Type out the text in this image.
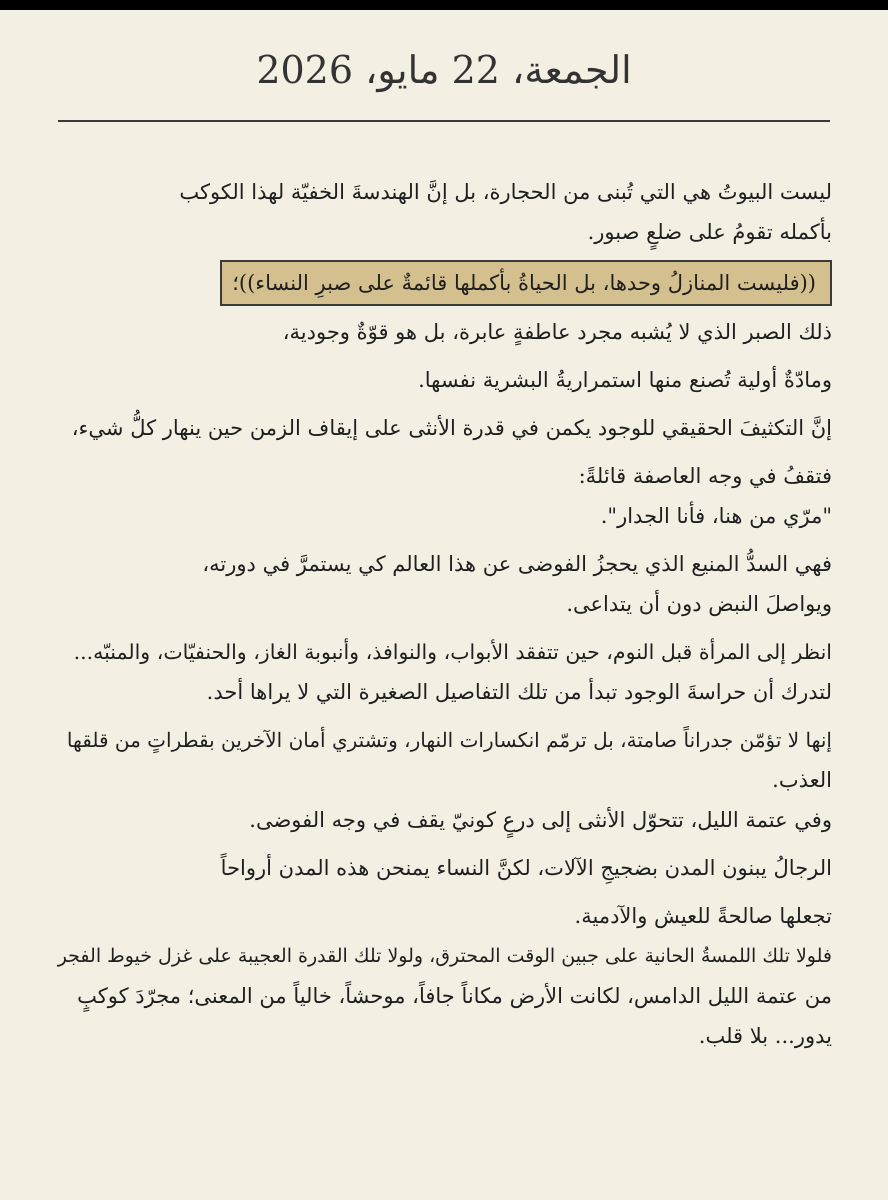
الجمعة، 22 مايو، 2026
ليست البيوتُ هي التي تُبنى من الحجارة، بل إنَّ الهندسةَ الخفيّة لهذا الكوكب
بأكمله تقومُ على ضلعٍ صبور.
((فليست المنازلُ وحدها، بل الحياةُ بأكملها قائمةٌ على صبرِ النساء))؛
ذلك الصبر الذي لا يُشبه مجرد عاطفةٍ عابرة، بل هو قوّةٌ وجودية،
ومادّةٌ أولية تُصنع منها استمراريةُ البشرية نفسها.
إنَّ التكثيفَ الحقيقي للوجود يكمن في قدرة الأنثى على إيقاف الزمن حين ينهار كلُّ شيء،
فتقفُ في وجه العاصفة قائلةً:
"مرّي من هنا، فأنا الجدار".
فهي السدُّ المنيع الذي يحجزُ الفوضى عن هذا العالم كي يستمرَّ في دورته،
ويواصلَ النبض دون أن يتداعى.
انظر إلى المرأة قبل النوم، حين تتفقد الأبواب، والنوافذ، وأنبوبة الغاز، والحنفيّات، والمنبّه...
لتدرك أن حراسةَ الوجود تبدأ من تلك التفاصيل الصغيرة التي لا يراها أحد.
إنها لا تؤمّن جدراناً صامتة، بل ترمّم انكسارات النهار، وتشتري أمان الآخرين بقطراتٍ من قلقها
العذب.
وفي عتمة الليل، تتحوّل الأنثى إلى درعٍ كونيّ يقف في وجه الفوضى.
الرجالُ يبنون المدن بضجيجِ الآلات، لكنَّ النساء يمنحن هذه المدن أرواحاً
تجعلها صالحةً للعيش والآدمية.
فلولا تلك اللمسةُ الحانية على جبين الوقت المحترق، ولولا تلك القدرة العجيبة على غزل خيوط الفجر
من عتمة الليل الدامس، لكانت الأرض مكاناً جافاً، موحشاً، خالياً من المعنى؛ مجرّدَ كوكبٍ
يدور... بلا قلب.
